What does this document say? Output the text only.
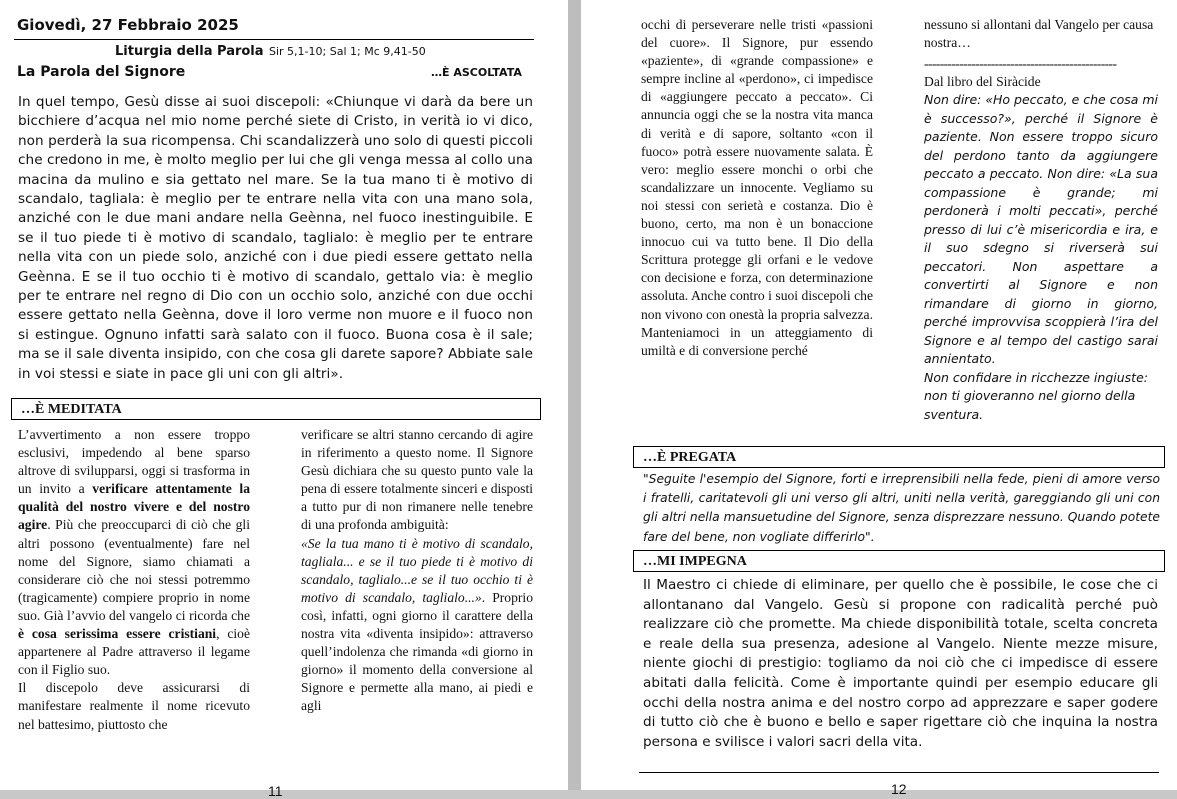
Giovedì, 27 Febbraio 2025
Liturgia della Parola Sir 5,1-10; Sal 1; Mc 9,41-50
La Parola del Signore	…È ASCOLTATA

In quel tempo, Gesù disse ai suoi discepoli: «Chiunque vi darà da bere un bicchiere d’acqua nel mio nome perché siete di Cristo, in verità io vi dico, non perderà la sua ricompensa. Chi scandalizzerà uno solo di questi piccoli che credono in me, è molto meglio per lui che gli venga messa al collo una macina da mulino e sia gettato nel mare. Se la tua mano ti è motivo di scandalo, tagliala: è meglio per te entrare nella vita con una mano sola, anziché con le due mani andare nella Geènna, nel fuoco inestinguibile. E se il tuo piede ti è motivo di scandalo, taglialo: è meglio per te entrare nella vita con un piede solo, anziché con i due piedi essere gettato nella Geènna. E se il tuo occhio ti è motivo di scandalo, gettalo via: è meglio per te entrare nel regno di Dio con un occhio solo, anziché con due occhi essere gettato nella Geènna, dove il loro verme non muore e il fuoco non si estingue. Ognuno infatti sarà salato con il fuoco. Buona cosa è il sale; ma se il sale diventa insipido, con che cosa gli darete sapore? Abbiate sale in voi stessi e siate in pace gli uni con gli altri».

…È MEDITATA

L’avvertimento a non essere troppo esclusivi, impedendo al bene sparso altrove di svilupparsi, oggi si trasforma in un invito a verificare attentamente la qualità del nostro vivere e del nostro agire. Più che preoccuparci di ciò che gli altri possono (eventualmente) fare nel nome del Signore, siamo chiamati a considerare ciò che noi stessi potremmo (tragicamente) compiere proprio in nome suo. Già l’avvio del vangelo ci ricorda che è cosa serissima essere cristiani, cioè appartenere al Padre attraverso il legame con il Figlio suo.

Il discepolo deve assicurarsi di manifestare realmente il nome ricevuto nel battesimo, piuttosto che

verificare se altri stanno cercando di agire in riferimento a questo nome. Il Signore Gesù dichiara che su questo punto vale la pena di essere totalmente sinceri e disposti a tutto pur di non rimanere nelle tenebre di una profonda ambiguità:

«Se la tua mano ti è motivo di scandalo, tagliala... e se il tuo piede ti è motivo di scandalo, taglialo...e se il tuo occhio ti è motivo di scandalo, taglialo...». Proprio così, infatti, ogni giorno il carattere della nostra vita «diventa insipido»: attraverso quell’indolenza che rimanda «di giorno in giorno» il momento della conversione al Signore e permette alla mano, ai piedi e agli

11

occhi di perseverare nelle tristi «passioni del cuore». Il Signore, pur essendo «paziente», di «grande compassione» e sempre incline al «perdono», ci impedisce di «aggiungere peccato a peccato». Ci annuncia oggi che se la nostra vita manca di verità e di sapore, soltanto «con il fuoco» potrà essere nuovamente salata. È vero: meglio essere monchi o orbi che scandalizzare un innocente. Vegliamo su noi stessi con serietà e costanza. Dio è buono, certo, ma non è un bonaccione innocuo cui va tutto bene. Il Dio della Scrittura protegge gli orfani e le vedove con decisione e forza, con determinazione assoluta. Anche contro i suoi discepoli che non vivono con onestà la propria salvezza. Manteniamoci in un atteggiamento di umiltà e di conversione perché

nessuno si allontani dal Vangelo per causa nostra…

-------------------------------------------------

Dal libro del Siràcide

Non dire: «Ho peccato, e che cosa mi è successo?», perché il Signore è paziente. Non essere troppo sicuro del perdono tanto da aggiungere peccato a peccato. Non dire: «La sua compassione è grande; mi perdonerà i molti peccati», perché presso di lui c’è misericordia e ira, e il suo sdegno si riverserà sui peccatori. Non aspettare a convertirti al Signore e non rimandare di giorno in giorno, perché improvvisa scoppierà l’ira del Signore e al tempo del castigo sarai annientato.

Non confidare in ricchezze ingiuste:

non ti gioveranno nel giorno della sventura.

…È PREGATA

"Seguite l'esempio del Signore, forti e irreprensibili nella fede, pieni di amore verso i fratelli, caritatevoli gli uni verso gli altri, uniti nella verità, gareggiando gli uni con gli altri nella mansuetudine del Signore, senza disprezzare nessuno. Quando potete fare del bene, non vogliate differirlo".

…MI IMPEGNA

Il Maestro ci chiede di eliminare, per quello che è possibile, le cose che ci allontanano dal Vangelo. Gesù si propone con radicalità perché può realizzare ciò che promette. Ma chiede disponibilità totale, scelta concreta e reale della sua presenza, adesione al Vangelo. Niente mezze misure, niente giochi di prestigio: togliamo da noi ciò che ci impedisce di essere abitati dalla felicità. Come è importante quindi per esempio educare gli occhi della nostra anima e del nostro corpo ad apprezzare e saper godere di tutto ciò che è buono e bello e saper rigettare ciò che inquina la nostra persona e svilisce i valori sacri della vita.

12
